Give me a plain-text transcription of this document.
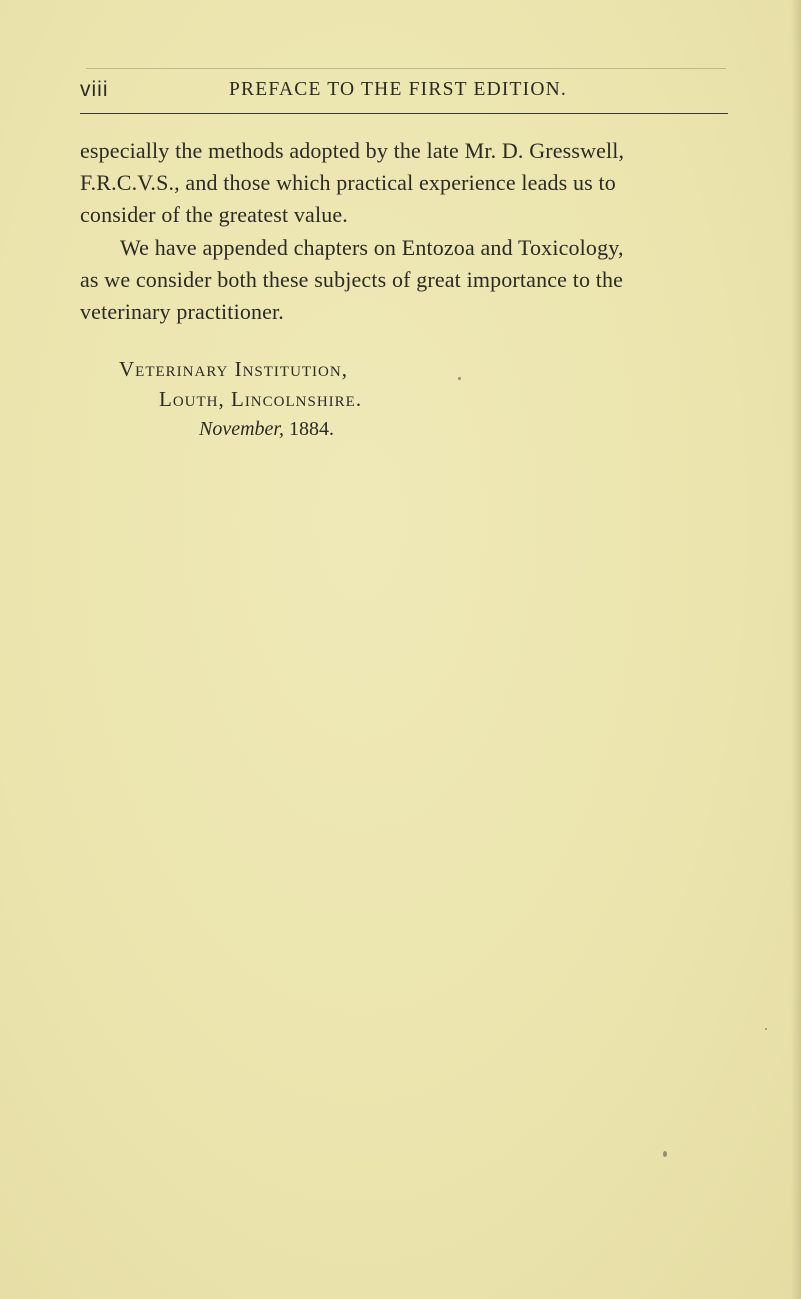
viii	PREFACE TO THE FIRST EDITION.

especially the methods adopted by the late Mr. D. Gresswell,
F.R.C.V.S., and those which practical experience leads us to
consider of the greatest value.

We have appended chapters on Entozoa and Toxicology,
as we consider both these subjects of great importance to the
veterinary practitioner.

Veterinary Institution,
Louth, Lincolnshire.
November, 1884.
